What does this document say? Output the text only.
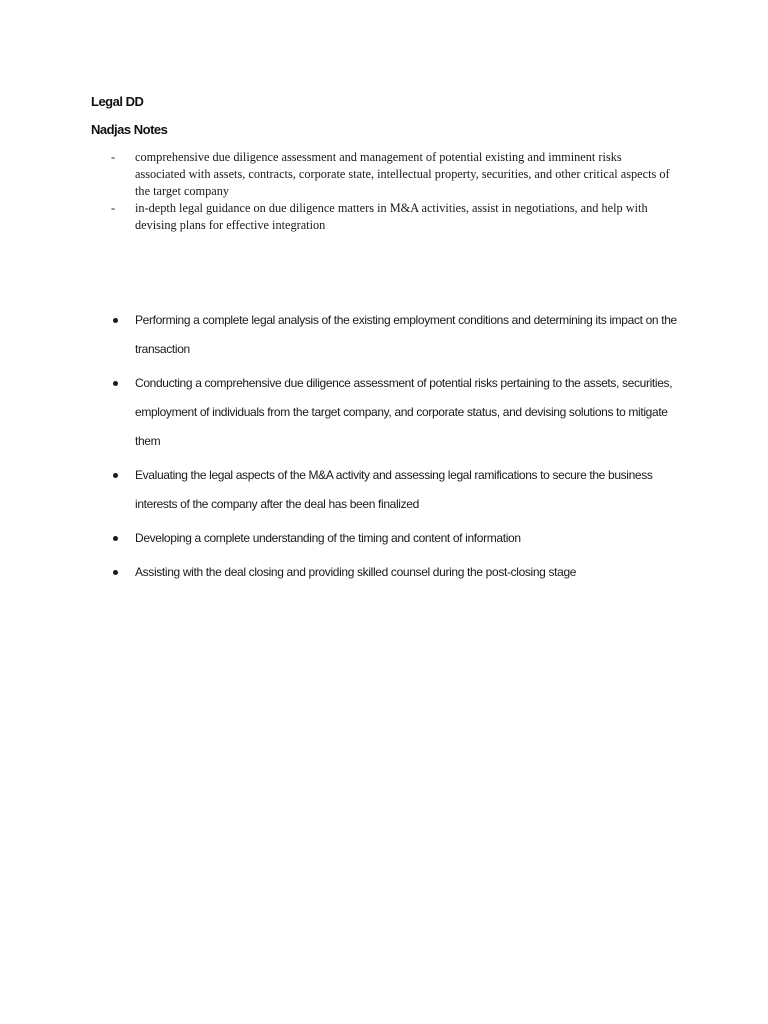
Legal DD
Nadjas Notes
- comprehensive due diligence assessment and management of potential existing and imminent risks associated with assets, contracts, corporate state, intellectual property, securities, and other critical aspects of the target company
- in-depth legal guidance on due diligence matters in M&A activities, assist in negotiations, and help with devising plans for effective integration
Performing a complete legal analysis of the existing employment conditions and determining its impact on the transaction
Conducting a comprehensive due diligence assessment of potential risks pertaining to the assets, securities, employment of individuals from the target company, and corporate status, and devising solutions to mitigate them
Evaluating the legal aspects of the M&A activity and assessing legal ramifications to secure the business interests of the company after the deal has been finalized
Developing a complete understanding of the timing and content of information
Assisting with the deal closing and providing skilled counsel during the post-closing stage
